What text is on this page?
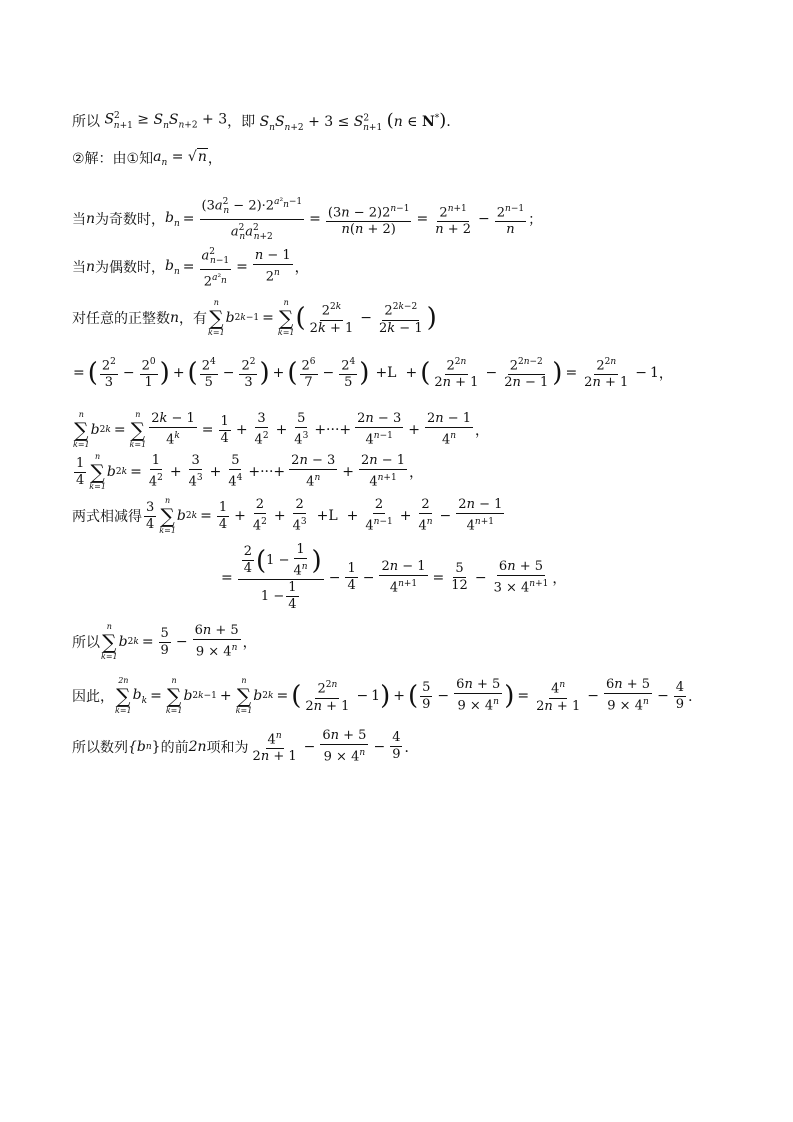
所以 $S^2_{n+1} \ge S_nS_{n+2} + 3$ ，即 $S_nS_{n+2} + 3 \le S^2_{n+1}$ (n ∈ N*) ．
②解：由①知 $a_n = √n$ ，
当 n 为奇数时， $b_n = \frac{(3a^2_n - 2)\cdot 2^{a^2_n-1}}{a^2_na^2_{n+2}} = \frac{(3n - 2)2^{n-1}}{n(n + 2)} = \frac{2^{n+1}}{n + 2} - \frac{2^{n-1}}{n}$ ；
当 n 为偶数时， $b_n = \frac{a^2_{n-1}}{2^{a^2_n}} = \frac{n - 1}{2^n}$ ，
对任意的正整数 n ，有
n
∑
k=1
b 2k−1 =
n
∑
k=1 ( $\frac{2^{2k}}{2k + 1} - \frac{2^{2k-2}}{2k - 1}$ )
= ( $\frac{2^2}{3} - \frac{2^0}{1}$ ) + ( $\frac{2^4}{5} - \frac{2^2}{3}$ ) + ( $\frac{2^6}{7} - \frac{2^4}{5}$ ) +L + ( $\frac{2^{2n}}{2n + 1} - \frac{2^{2n-2}}{2n - 1}$ ) = $\frac{2^{2n}}{2n + 1} - 1$ ，
n
∑
k=1
b 2k =
n
∑
$k=1 \frac{2k - 1}{4^k} = \frac{1}{4} + \frac{3}{4^2} + \frac{5}{4^3}$ +···+ $\frac{2n - 3}{4^{n-1}} + \frac{2n - 1}{4^n}$ ，
$\frac{1}{4}$ n
∑
k=1
b $2k = \frac{1}{4^2} + \frac{3}{4^3} + \frac{5}{4^4}$ +···+ $\frac{2n - 3}{4^n} + \frac{2n - 1}{4^{n+1}}$ ，
两式相减得 $\frac{3}{4}$ n
∑
k=1
b $2k = \frac{1}{4} + \frac{2}{4^2} + \frac{2}{4^3} +L + \frac{2}{4^{n-1}} + \frac{2}{4^n} - \frac{2n - 1}{4^{n+1}}$
= $\frac{\frac{2}{4} ( 1 - \frac{1}{4^n} )}{1 - \frac{1}{4}} - \frac{1}{4} - \frac{2n - 1}{4^{n+1}} = \frac{5}{12} - \frac{6n + 5}{3 \times 4^{n+1}}$ ，
所以
n
∑
k=1
b $2k = \frac{5}{9} - \frac{6n + 5}{9 \times 4^n}$ ，
因此，
2n
∑
k=1
$b_k$ =
n
∑
k=1
b 2k−1 +
n
∑
k=1
b 2k = ( $\frac{2^{2n}}{2n + 1} - 1$ ) + ( $\frac{5}{9} - \frac{6n + 5}{9 \times 4^n}$ ) = $\frac{4^n}{2n + 1} - \frac{6n + 5}{9 \times 4^n} - \frac{4}{9}$ ．
所以数列 {b n } 的前 2n 项和为 $\frac{4^n}{2n + 1} - \frac{6n + 5}{9 \times 4^n} - \frac{4}{9}$ ．
